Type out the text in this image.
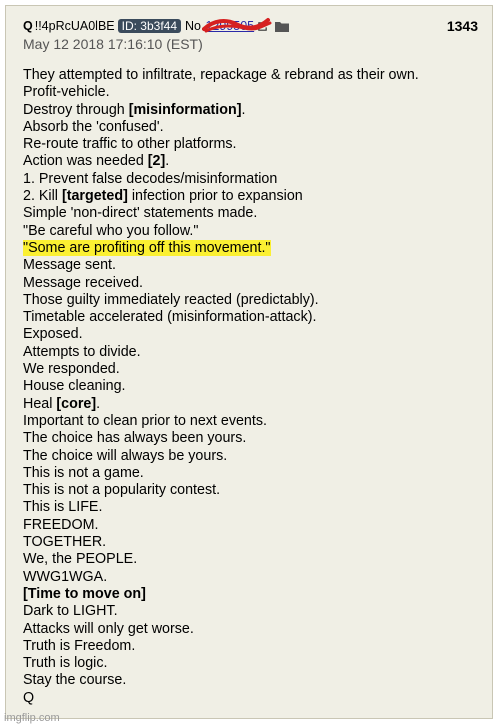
Q !!4pRcUA0lBE ID: 3b3f44 No. 1299505	1343
May 12 2018 17:16:10 (EST)
They attempted to infiltrate, repackage & rebrand as their own.
Profit-vehicle.
Destroy through [misinformation].
Absorb the 'confused'.
Re-route traffic to other platforms.
Action was needed [2].
1. Prevent false decodes/misinformation
2. Kill [targeted] infection prior to expansion
Simple 'non-direct' statements made.
"Be careful who you follow."
"Some are profiting off this movement."
Message sent.
Message received.
Those guilty immediately reacted (predictably).
Timetable accelerated (misinformation-attack).
Exposed.
Attempts to divide.
We responded.
House cleaning.
Heal [core].
Important to clean prior to next events.
The choice has always been yours.
The choice will always be yours.
This is not a game.
This is not a popularity contest.
This is LIFE.
FREEDOM.
TOGETHER.
We, the PEOPLE.
WWG1WGA.
[Time to move on]
Dark to LIGHT.
Attacks will only get worse.
Truth is Freedom.
Truth is logic.
Stay the course.
Q
imgflip.com
